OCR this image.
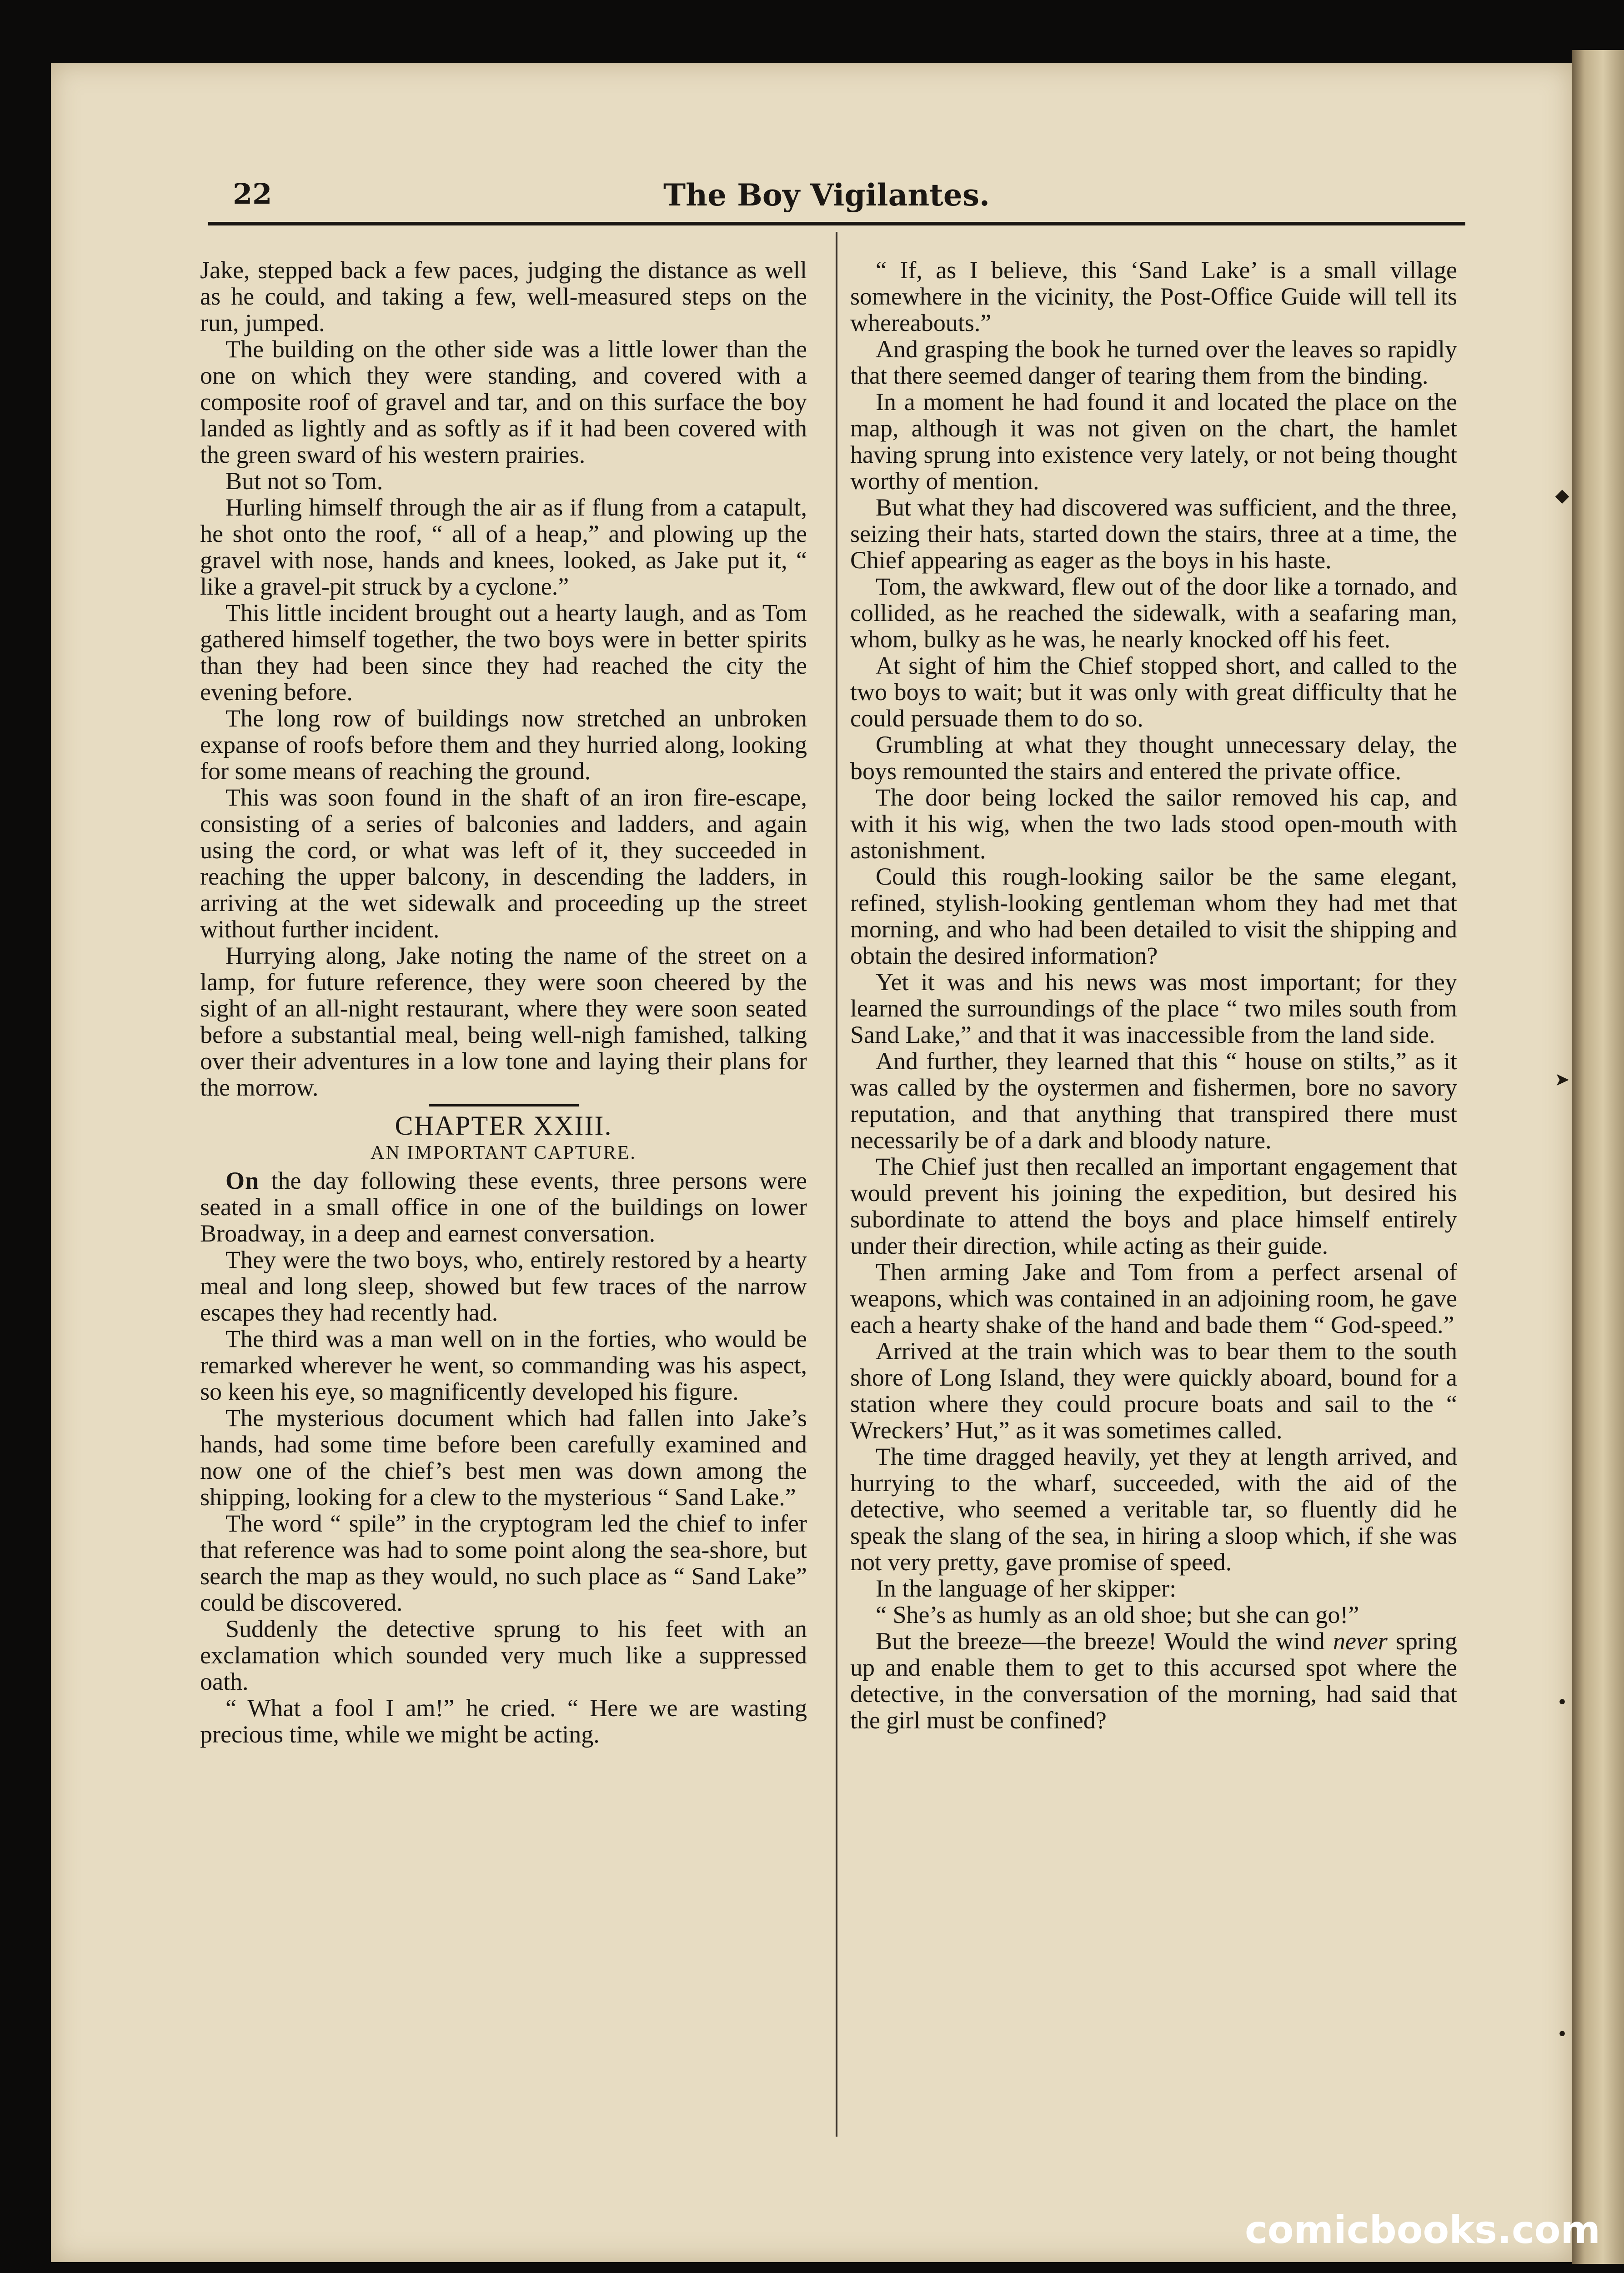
◆
➤
•
•
22	The Boy Vigilantes.

Jake, stepped back a few paces, judging the distance as well as he could, and taking a few, well-measured steps on the run, jumped.

The building on the other side was a little lower than the one on which they were standing, and covered with a composite roof of gravel and tar, and on this surface the boy landed as lightly and as softly as if it had been covered with the green sward of his western prairies.

But not so Tom.

Hurling himself through the air as if flung from a catapult, he shot onto the roof, “ all of a heap,” and plowing up the gravel with nose, hands and knees, looked, as Jake put it, “ like a gravel-pit struck by a cyclone.”

This little incident brought out a hearty laugh, and as Tom gathered himself together, the two boys were in better spirits than they had been since they had reached the city the evening before.

The long row of buildings now stretched an unbroken expanse of roofs before them and they hurried along, looking for some means of reaching the ground.

This was soon found in the shaft of an iron fire-escape, consisting of a series of balconies and ladders, and again using the cord, or what was left of it, they succeeded in reaching the upper balcony, in descending the ladders, in arriving at the wet sidewalk and proceeding up the street without further incident.

Hurrying along, Jake noting the name of the street on a lamp, for future reference, they were soon cheered by the sight of an all-night restaurant, where they were soon seated before a substantial meal, being well-nigh famished, talking over their adventures in a low tone and laying their plans for the morrow.

CHAPTER XXIII.
AN IMPORTANT CAPTURE.

On the day following these events, three persons were seated in a small office in one of the buildings on lower Broadway, in a deep and earnest conversation.

They were the two boys, who, entirely restored by a hearty meal and long sleep, showed but few traces of the narrow escapes they had recently had.

The third was a man well on in the forties, who would be remarked wherever he went, so commanding was his aspect, so keen his eye, so magnificently developed his figure.

The mysterious document which had fallen into Jake’s hands, had some time before been carefully examined and now one of the chief’s best men was down among the shipping, looking for a clew to the mysterious “ Sand Lake.”

The word “ spile” in the cryptogram led the chief to infer that reference was had to some point along the sea-shore, but search the map as they would, no such place as “ Sand Lake” could be discovered.

Suddenly the detective sprung to his feet with an exclamation which sounded very much like a suppressed oath.

“ What a fool I am!” he cried. “ Here we are wasting precious time, while we might be acting.

“ If, as I believe, this ‘Sand Lake’ is a small village somewhere in the vicinity, the Post-Office Guide will tell its whereabouts.”

And grasping the book he turned over the leaves so rapidly that there seemed danger of tearing them from the binding.

In a moment he had found it and located the place on the map, although it was not given on the chart, the hamlet having sprung into existence very lately, or not being thought worthy of mention.

But what they had discovered was sufficient, and the three, seizing their hats, started down the stairs, three at a time, the Chief appearing as eager as the boys in his haste.

Tom, the awkward, flew out of the door like a tornado, and collided, as he reached the sidewalk, with a seafaring man, whom, bulky as he was, he nearly knocked off his feet.

At sight of him the Chief stopped short, and called to the two boys to wait; but it was only with great difficulty that he could persuade them to do so.

Grumbling at what they thought unnecessary delay, the boys remounted the stairs and entered the private office.

The door being locked the sailor removed his cap, and with it his wig, when the two lads stood open-mouth with astonishment.

Could this rough-looking sailor be the same elegant, refined, stylish-looking gentleman whom they had met that morning, and who had been detailed to visit the shipping and obtain the desired information?

Yet it was and his news was most important; for they learned the surroundings of the place “ two miles south from Sand Lake,” and that it was inaccessible from the land side.

And further, they learned that this “ house on stilts,” as it was called by the oystermen and fishermen, bore no savory reputation, and that anything that transpired there must necessarily be of a dark and bloody nature.

The Chief just then recalled an important engagement that would prevent his joining the expedition, but desired his subordinate to attend the boys and place himself entirely under their direction, while acting as their guide.

Then arming Jake and Tom from a perfect arsenal of weapons, which was contained in an adjoining room, he gave each a hearty shake of the hand and bade them “ God-speed.”

Arrived at the train which was to bear them to the south shore of Long Island, they were quickly aboard, bound for a station where they could procure boats and sail to the “ Wreckers’ Hut,” as it was sometimes called.

The time dragged heavily, yet they at length arrived, and hurrying to the wharf, succeeded, with the aid of the detective, who seemed a veritable tar, so fluently did he speak the slang of the sea, in hiring a sloop which, if she was not very pretty, gave promise of speed.

In the language of her skipper:

“ She’s as humly as an old shoe; but she can go!”

But the breeze—the breeze! Would the wind never spring up and enable them to get to this accursed spot where the detective, in the conversation of the morning, had said that the girl must be confined?

comicbooks.com
